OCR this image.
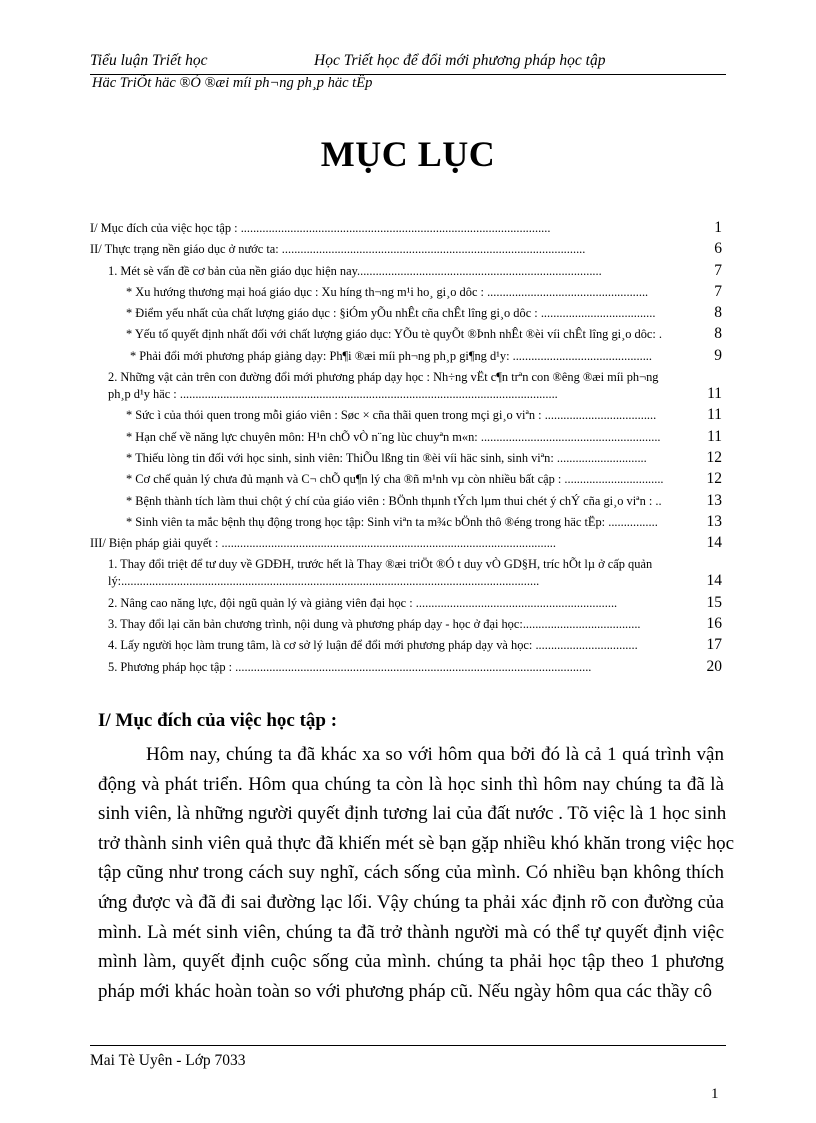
Tiểu luận Triết học	Học Triết học để đổi mới phương pháp học tập
Häc TriÕt häc ®Ó ®æi míi ph¬ng ph¸p häc tËp
MỤC LỤC
I/ Mục đích của việc học tập : ....................................................................................................	1
II/ Thực trạng nền giáo dục ở nước ta: ..................................................................................................	6
1. Mét sè vấn đề cơ bản của nền giáo dục hiện nay...............................................................................	7
* Xu hướng thương mại hoá giáo dục : Xu híng th¬ng m¹i ho¸ gi¸o dôc : ....................................................	7
* Điểm yếu nhất của chất lượng giáo dục : §iÓm yÕu nhÊt cña chÊt lîng gi¸o dôc : .....................................	8
* Yếu tố quyết định nhất đối với chất lượng giáo dục: YÕu tè quyÕt ®Þnh nhÊt ®èi víi chÊt lîng gi¸o dôc: .	8
* Phải đổi mới phương pháp giảng dạy: Ph¶i ®æi míi ph¬ng ph¸p gi¶ng d¹y: .............................................	9
2. Những vật cản trên con đường đổi mới phương pháp dạy học : Nh÷ng vËt c¶n trªn con ®êng ®æi míi ph¬ng
ph¸p d¹y häc : ..........................................................................................................................	11
* Sức ì của thói quen trong mỗi giáo viên : Søc × cña thãi quen trong mçi gi¸o viªn : ....................................	11
* Hạn chế về năng lực chuyên môn: H¹n chÕ vÒ n¨ng lùc chuyªn m«n: ..........................................................	11
* Thiếu lòng tin đối với học sinh, sinh viên: ThiÕu lßng tin ®èi víi häc sinh, sinh viªn: .............................	12
* Cơ chế quản lý chưa đủ mạnh và C¬ chÕ qu¶n lý cha ®ñ m¹nh vµ còn nhiều bất cập : ................................	12
* Bệnh thành tích làm thui chột ý chí của giáo viên : BÖnh thµnh tÝch lµm thui chét ý chÝ cña gi¸o viªn : ..	13
* Sinh viên ta mắc bệnh thụ động trong học tập: Sinh viªn ta m¾c bÖnh thô ®éng trong häc tËp: ................	13
III/ Biện pháp giải quyết : ............................................................................................................	14
1. Thay đổi triệt để tư duy về GDĐH, trước hết là Thay ®æi triÖt ®Ó t duy vÒ GD§H, tríc hÕt lµ ở cấp quản
lý:.......................................................................................................................................	14
2. Nâng cao năng lực, đội ngũ quản lý và giảng viên đại học : .................................................................	15
3. Thay đổi lại căn bản chương trình, nội dung và phương pháp dạy - học ở đại học:......................................	16
4. Lấy người học làm trung tâm, là cơ sở lý luận để đổi mới phương pháp dạy và học: .................................	17
5. Phương pháp học tập : ...................................................................................................................	20
I/ Mục đích của việc học tập :
Hôm nay, chúng ta đã khác xa so với hôm qua bởi đó là cả 1 quá trình vận
động và phát triển. Hôm qua chúng ta còn là học sinh thì hôm nay chúng ta đã là
sinh viên, là những người quyết định tương lai của đất nước . Tõ việc là 1 học sinh
trở thành sinh viên quả thực đã khiến mét sè bạn gặp nhiều khó khăn trong việc học
tập cũng như trong cách suy nghĩ, cách sống của mình. Có nhiều bạn không thích
ứng được và đã đi sai đường lạc lối. Vậy chúng ta phải xác định rõ con đường của
mình. Là mét sinh viên, chúng ta đã trở thành người mà có thể tự quyết định việc
mình làm, quyết định cuộc sống của mình. chúng ta phải học tập theo 1 phương
pháp mới khác hoàn toàn so với phương pháp cũ. Nếu ngày hôm qua các thầy cô
Mai Tè Uyên - Lớp 7033
1
